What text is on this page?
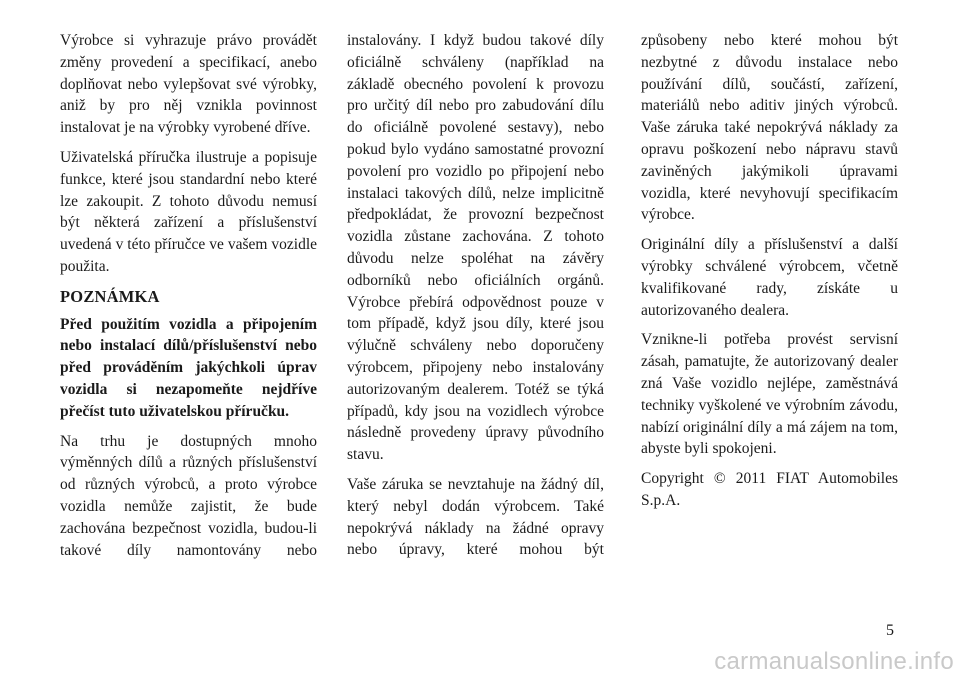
Výrobce si vyhrazuje právo provádět změny provedení a specifikací, anebo doplňovat nebo vylepšovat své výrobky, aniž by pro něj vznikla povinnost instalovat je na výrobky vyrobené dříve.

Uživatelská příručka ilustruje a popisuje funkce, které jsou standardní nebo které lze zakoupit. Z tohoto důvodu nemusí být některá zařízení a příslušenství uvedená v této příručce ve vašem vozidle použita.

POZNÁMKA

Před použitím vozidla a připojením nebo instalací dílů/příslušenství nebo před prováděním jakýchkoli úprav vozidla si nezapomeňte nejdříve přečíst tuto uživatelskou příručku.

Na trhu je dostupných mnoho výměnných dílů a různých příslušenství od různých výrobců, a proto výrobce vozidla nemůže zajistit, že bude zachována bezpečnost vozidla, budou-li takové díly namontovány nebo

instalovány. I když budou takové díly oficiálně schváleny (například na základě obecného povolení k provozu pro určitý díl nebo pro zabudování dílu do oficiálně povolené sestavy), nebo pokud bylo vydáno samostatné provozní povolení pro vozidlo po připojení nebo instalaci takových dílů, nelze implicitně předpokládat, že provozní bezpečnost vozidla zůstane zachována. Z tohoto důvodu nelze spoléhat na závěry odborníků nebo oficiálních orgánů. Výrobce přebírá odpovědnost pouze v tom případě, když jsou díly, které jsou výlučně schváleny nebo doporučeny výrobcem, připojeny nebo instalovány autorizovaným dealerem. Totéž se týká případů, kdy jsou na vozidlech výrobce následně provedeny úpravy původního stavu.

Vaše záruka se nevztahuje na žádný díl, který nebyl dodán výrobcem. Také nepokrývá náklady na žádné opravy nebo úpravy, které mohou být

způsobeny nebo které mohou být nezbytné z důvodu instalace nebo používání dílů, součástí, zařízení, materiálů nebo aditiv jiných výrobců. Vaše záruka také nepokrývá náklady za opravu poškození nebo nápravu stavů zaviněných jakýmikoli úpravami vozidla, které nevyhovují specifikacím výrobce.

Originální díly a příslušenství a další výrobky schválené výrobcem, včetně kvalifikované rady, získáte u autorizovaného dealera.

Vznikne-li potřeba provést servisní zásah, pamatujte, že autorizovaný dealer zná Vaše vozidlo nejlépe, zaměstnává techniky vyškolené ve výrobním závodu, nabízí originální díly a má zájem na tom, abyste byli spokojeni.

Copyright © 2011 FIAT Automobiles S.p.A.

5
carmanualsonline.info
